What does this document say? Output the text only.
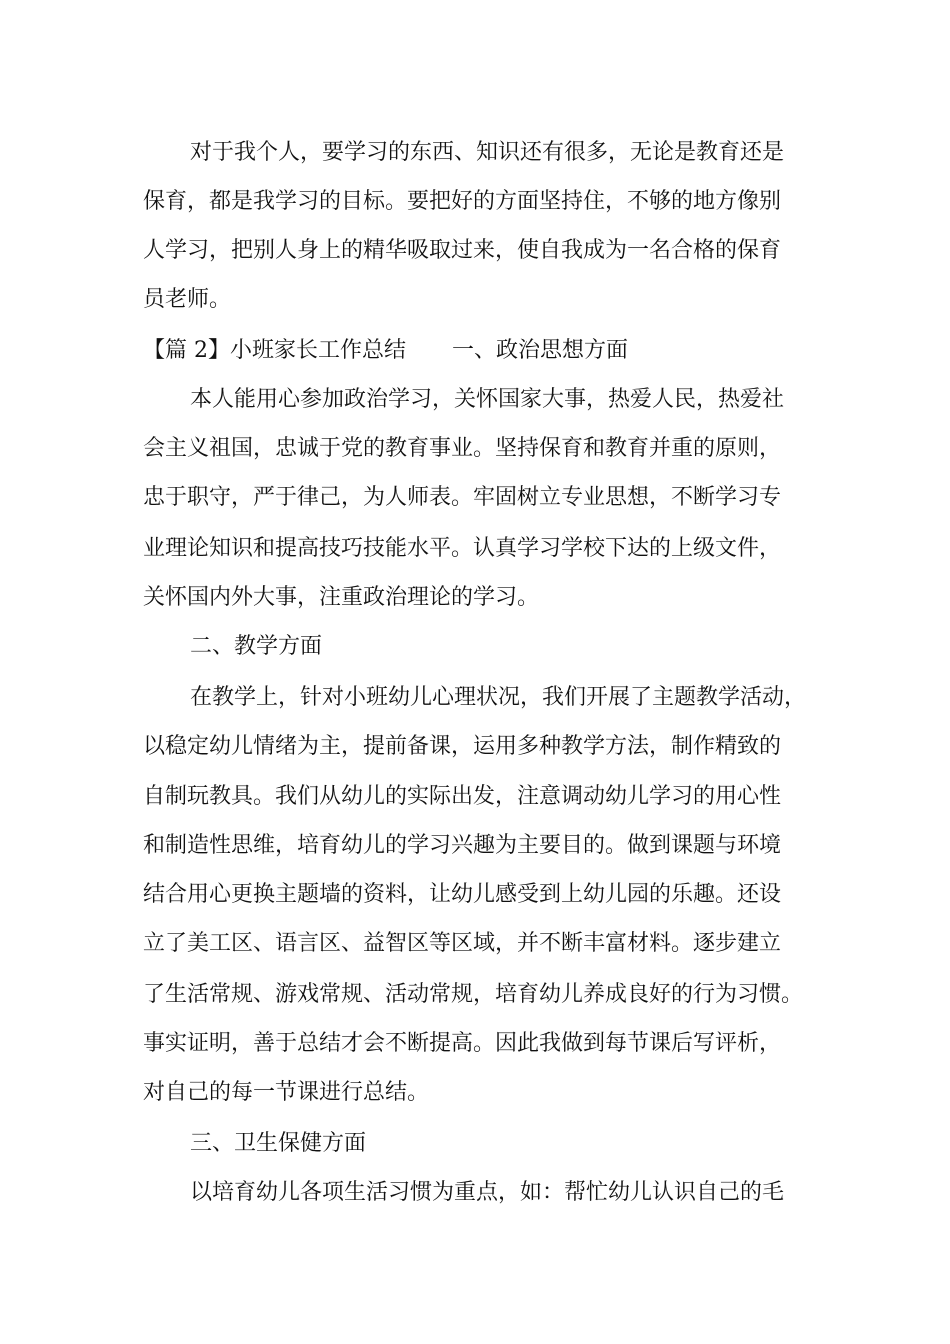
对于我个人，要学习的东西、知识还有很多，无论是教育还是

保育，都是我学习的目标。要把好的方面坚持住，不够的地方像别

人学习，把别人身上的精华吸取过来，使自我成为一名合格的保育

员老师。

【篇 2】小班家长工作总结 一、政治思想方面

本人能用心参加政治学习，关怀国家大事，热爱人民，热爱社

会主义祖国，忠诚于党的教育事业。坚持保育和教育并重的原则，

忠于职守，严于律己，为人师表。牢固树立专业思想，不断学习专

业理论知识和提高技巧技能水平。认真学习学校下达的上级文件，

关怀国内外大事，注重政治理论的学习。

二、教学方面

在教学上，针对小班幼儿心理状况，我们开展了主题教学活动，

以稳定幼儿情绪为主，提前备课，运用多种教学方法，制作精致的

自制玩教具。我们从幼儿的实际出发，注意调动幼儿学习的用心性

和制造性思维，培育幼儿的学习兴趣为主要目的。做到课题与环境

结合用心更换主题墙的资料，让幼儿感受到上幼儿园的乐趣。还设

立了美工区、语言区、益智区等区域，并不断丰富材料。逐步建立

了生活常规、游戏常规、活动常规，培育幼儿养成良好的行为习惯。

事实证明，善于总结才会不断提高。因此我做到每节课后写评析，

对自己的每一节课进行总结。

三、卫生保健方面

以培育幼儿各项生活习惯为重点，如：帮忙幼儿认识自己的毛
